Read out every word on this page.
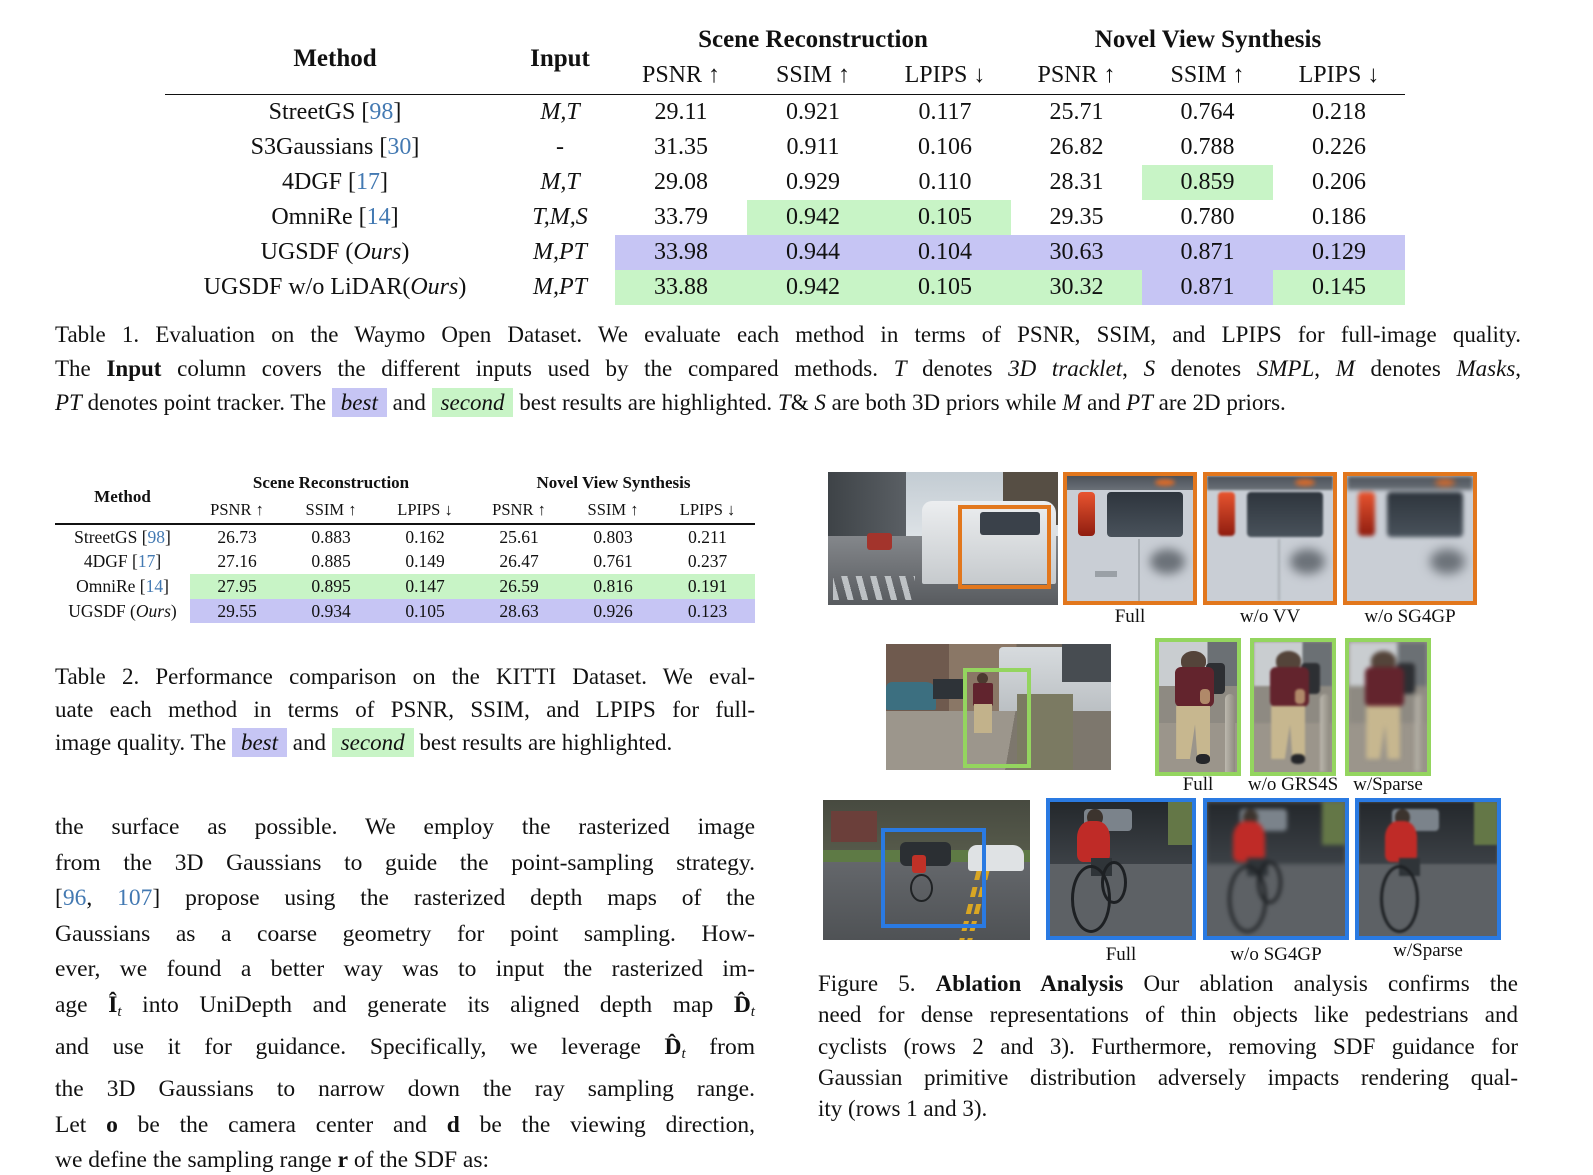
Method	Input	Scene Reconstruction			Novel View Synthesis		
		PSNR ↑	SSIM ↑	LPIPS ↓	PSNR ↑	SSIM ↑	LPIPS ↓
StreetGS [98]	M,T	29.11	0.921	0.117	25.71	0.764	0.218
S3Gaussians [30]	-	31.35	0.911	0.106	26.82	0.788	0.226
4DGF [17]	M,T	29.08	0.929	0.110	28.31	0.859	0.206
OmniRe [14]	T,M,S	33.79	0.942	0.105	29.35	0.780	0.186
UGSDF (Ours)	M,PT	33.98	0.944	0.104	30.63	0.871	0.129
UGSDF w/o LiDAR(Ours)	M,PT	33.88	0.942	0.105	30.32	0.871	0.145
Table 1. Evaluation on the Waymo Open Dataset. We evaluate each method in terms of PSNR, SSIM, and LPIPS for full-image quality.
The Input column covers the different inputs used by the compared methods. T denotes 3D tracklet, S denotes SMPL, M denotes Masks,
PT denotes point tracker. The best and second best results are highlighted. T& S are both 3D priors while M and PT are 2D priors.
Method	Scene Reconstruction			Novel View Synthesis		
	PSNR ↑	SSIM ↑	LPIPS ↓	PSNR ↑	SSIM ↑	LPIPS ↓
StreetGS [98]	26.73	0.883	0.162	25.61	0.803	0.211
4DGF [17]	27.16	0.885	0.149	26.47	0.761	0.237
OmniRe [14]	27.95	0.895	0.147	26.59	0.816	0.191
UGSDF (Ours)	29.55	0.934	0.105	28.63	0.926	0.123
Table 2. Performance comparison on the KITTI Dataset. We eval-
uate each method in terms of PSNR, SSIM, and LPIPS for full-
image quality. The best and second best results are highlighted.
the surface as possible. We employ the rasterized image
from the 3D Gaussians to guide the point-sampling strategy.
[96, 107] propose using the rasterized depth maps of the
Gaussians as a coarse geometry for point sampling. How-
ever, we found a better way was to input the rasterized im-
age Ît into UniDepth and generate its aligned depth map D̂t
and use it for guidance. Specifically, we leverage D̂t from
the 3D Gaussians to narrow down the ray sampling range.
Let o be the camera center and d be the viewing direction,
we define the sampling range r of the SDF as:
Full	w/o VV	w/o SG4GP
Full	w/o GRS4S w/Sparse
Full	w/o SG4GP	w/Sparse
Figure 5. Ablation Analysis Our ablation analysis confirms the
need for dense representations of thin objects like pedestrians and
cyclists (rows 2 and 3). Furthermore, removing SDF guidance for
Gaussian primitive distribution adversely impacts rendering qual-
ity (rows 1 and 3).
